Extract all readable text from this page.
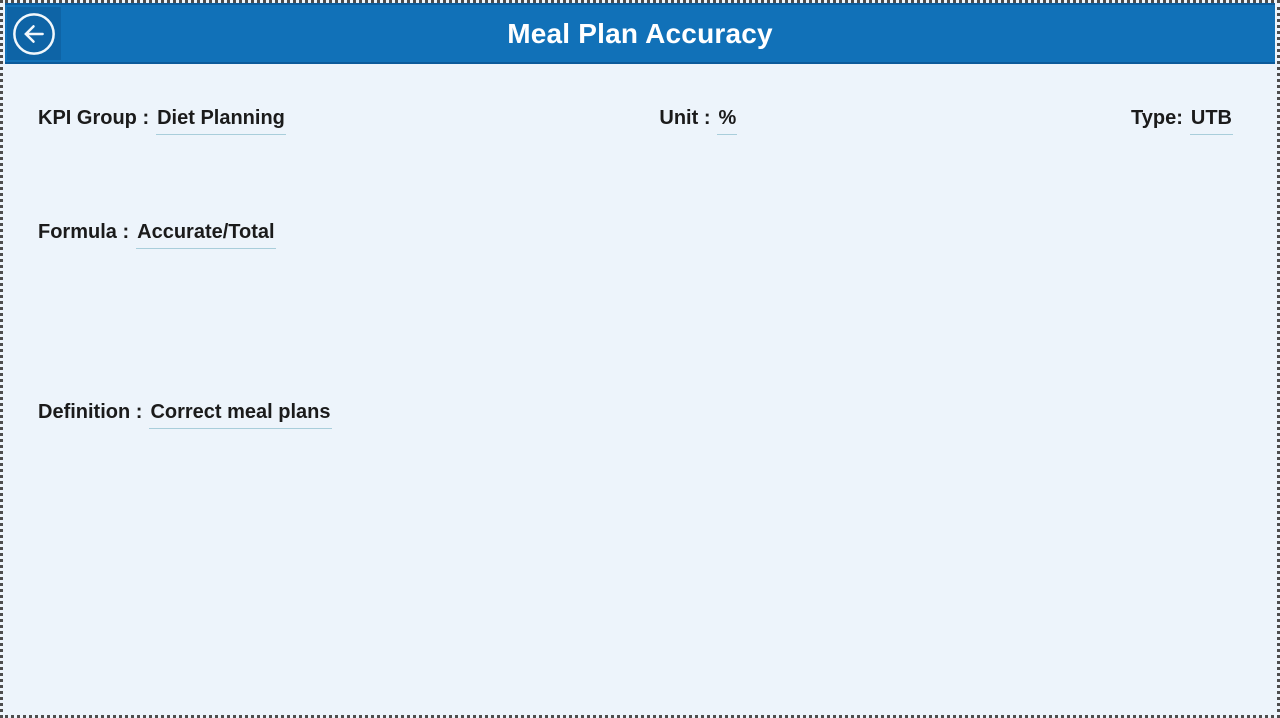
Meal Plan Accuracy
KPI Group : Diet Planning	Unit : %	Type: UTB
Formula : Accurate/Total
Definition : Correct meal plans
